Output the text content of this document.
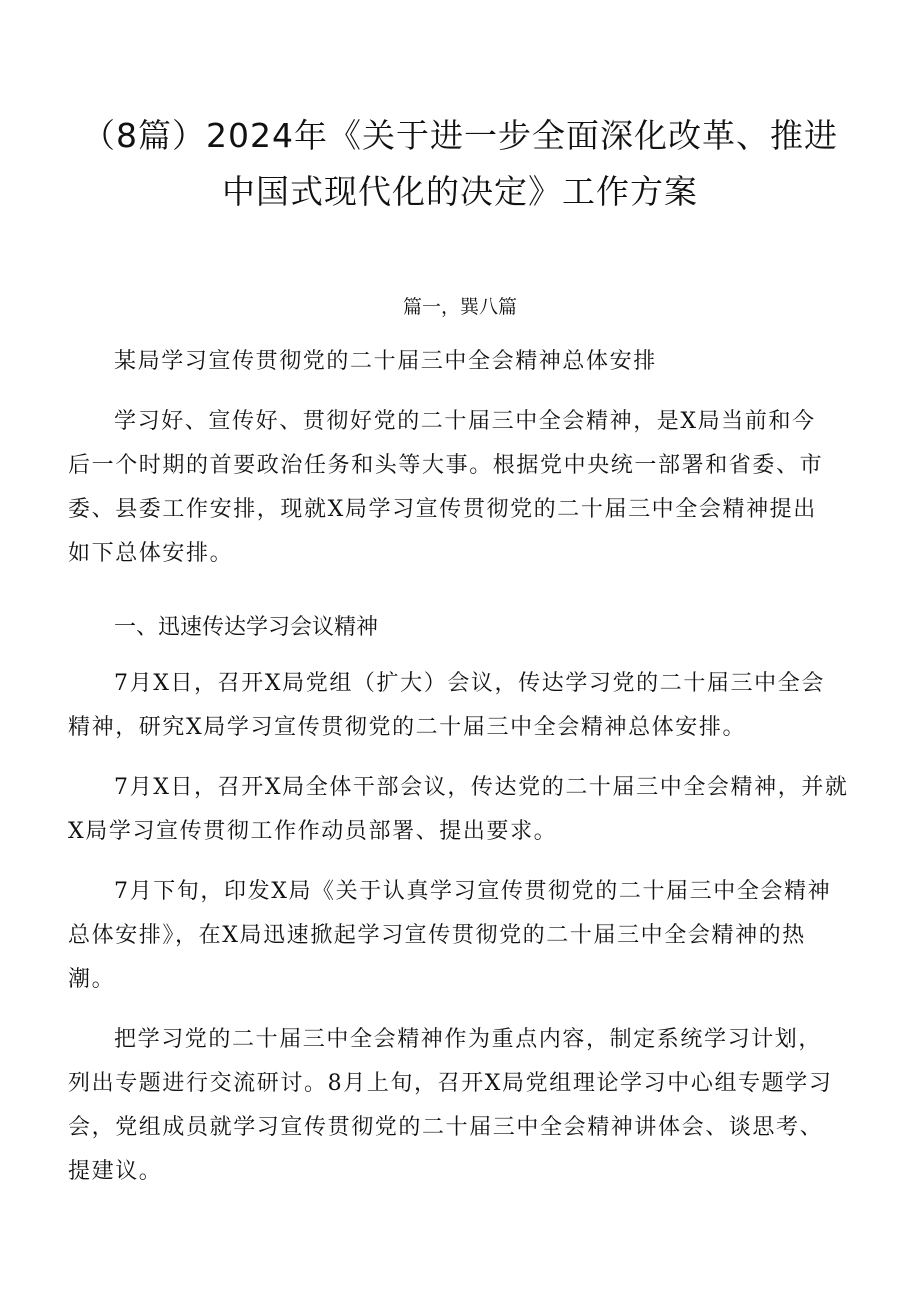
（8篇）2024年《关于进一步全面深化改革、推进
中国式现代化的决定》工作方案

篇一，巽八篇

某局学习宣传贯彻党的二十届三中全会精神总体安排

学习好、宣传好、贯彻好党的二十届三中全会精神，是X局当前和今
后一个时期的首要政治任务和头等大事。根据党中央统一部署和省委、市
委、县委工作安排，现就X局学习宣传贯彻党的二十届三中全会精神提出
如下总体安排。
一、迅速传达学习会议精神
7月X日，召开X局党组（扩大）会议，传达学习党的二十届三中全会
精神，研究X局学习宣传贯彻党的二十届三中全会精神总体安排。
7月X日，召开X局全体干部会议，传达党的二十届三中全会精神，并就
X局学习宣传贯彻工作作动员部署、提出要求。
7月下旬，印发X局《关于认真学习宣传贯彻党的二十届三中全会精神
总体安排》，在X局迅速掀起学习宣传贯彻党的二十届三中全会精神的热
潮。
把学习党的二十届三中全会精神作为重点内容，制定系统学习计划，
列出专题进行交流研讨。8月上旬，召开X局党组理论学习中心组专题学习
会，党组成员就学习宣传贯彻党的二十届三中全会精神讲体会、谈思考、
提建议。
